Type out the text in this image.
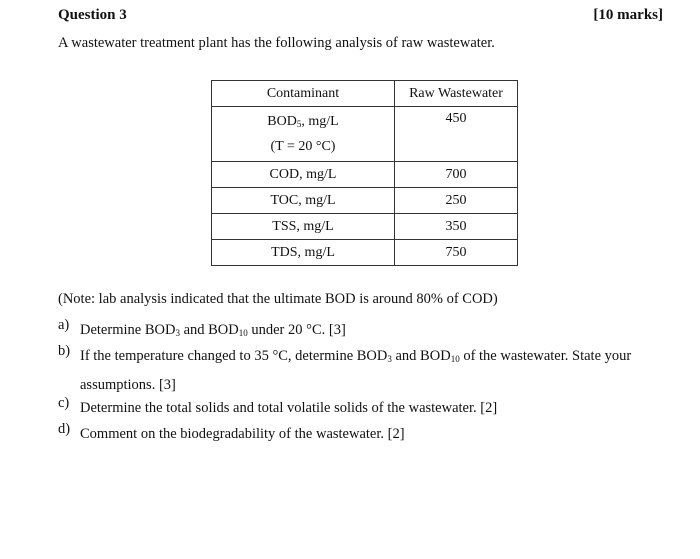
Question 3	[10 marks]
A wastewater treatment plant has the following analysis of raw wastewater.
Contaminant	Raw Wastewater

$BOD_5$, mg/L
(T = 20 °C)	450
COD, mg/L	700
TOC, mg/L	250
TSS, mg/L	350
TDS, mg/L	750
(Note: lab analysis indicated that the ultimate BOD is around 80% of COD)
a) Determine $BOD_3$ and $BOD_{10}$ under 20 °C. [3]
b) If the temperature changed to 35 °C, determine $BOD_3$ and $BOD_{10}$ of the wastewater. State your
assumptions. [3]
c) Determine the total solids and total volatile solids of the wastewater. [2]
d) Comment on the biodegradability of the wastewater. [2]
